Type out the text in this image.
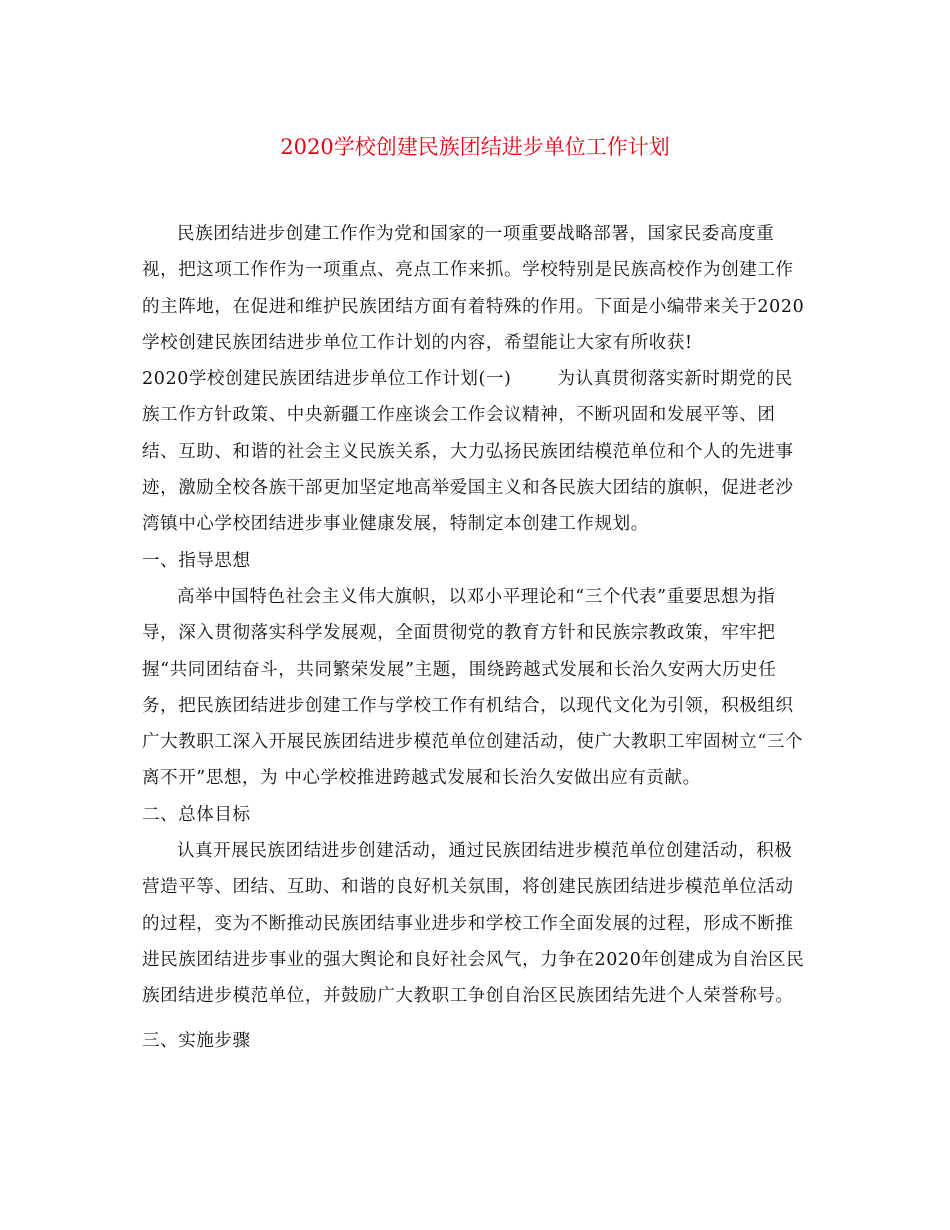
2020学校创建民族团结进步单位工作计划

民族团结进步创建工作作为党和国家的一项重要战略部署，国家民委高度重视，把这项工作作为一项重点、亮点工作来抓。学校特别是民族高校作为创建工作的主阵地，在促进和维护民族团结方面有着特殊的作用。下面是小编带来关于2020学校创建民族团结进步单位工作计划的内容，希望能让大家有所收获!

2020学校创建民族团结进步单位工作计划(一)	为认真贯彻落实新时期党的民族工作方针政策、中央新疆工作座谈会工作会议精神，不断巩固和发展平等、团结、互助、和谐的社会主义民族关系，大力弘扬民族团结模范单位和个人的先进事迹，激励全校各族干部更加坚定地高举爱国主义和各民族大团结的旗帜，促进老沙湾镇中心学校团结进步事业健康发展，特制定本创建工作规划。

一、指导思想

高举中国特色社会主义伟大旗帜，以邓小平理论和“三个代表”重要思想为指导，深入贯彻落实科学发展观，全面贯彻党的教育方针和民族宗教政策，牢牢把握“共同团结奋斗，共同繁荣发展”主题，围绕跨越式发展和长治久安两大历史任务，把民族团结进步创建工作与学校工作有机结合，以现代文化为引领，积极组织广大教职工深入开展民族团结进步模范单位创建活动，使广大教职工牢固树立“三个离不开”思想，为 中心学校推进跨越式发展和长治久安做出应有贡献。

二、总体目标

认真开展民族团结进步创建活动，通过民族团结进步模范单位创建活动，积极营造平等、团结、互助、和谐的良好机关氛围，将创建民族团结进步模范单位活动的过程，变为不断推动民族团结事业进步和学校工作全面发展的过程，形成不断推进民族团结进步事业的强大舆论和良好社会风气，力争在2020年创建成为自治区民族团结进步模范单位，并鼓励广大教职工争创自治区民族团结先进个人荣誉称号。

三、实施步骤
